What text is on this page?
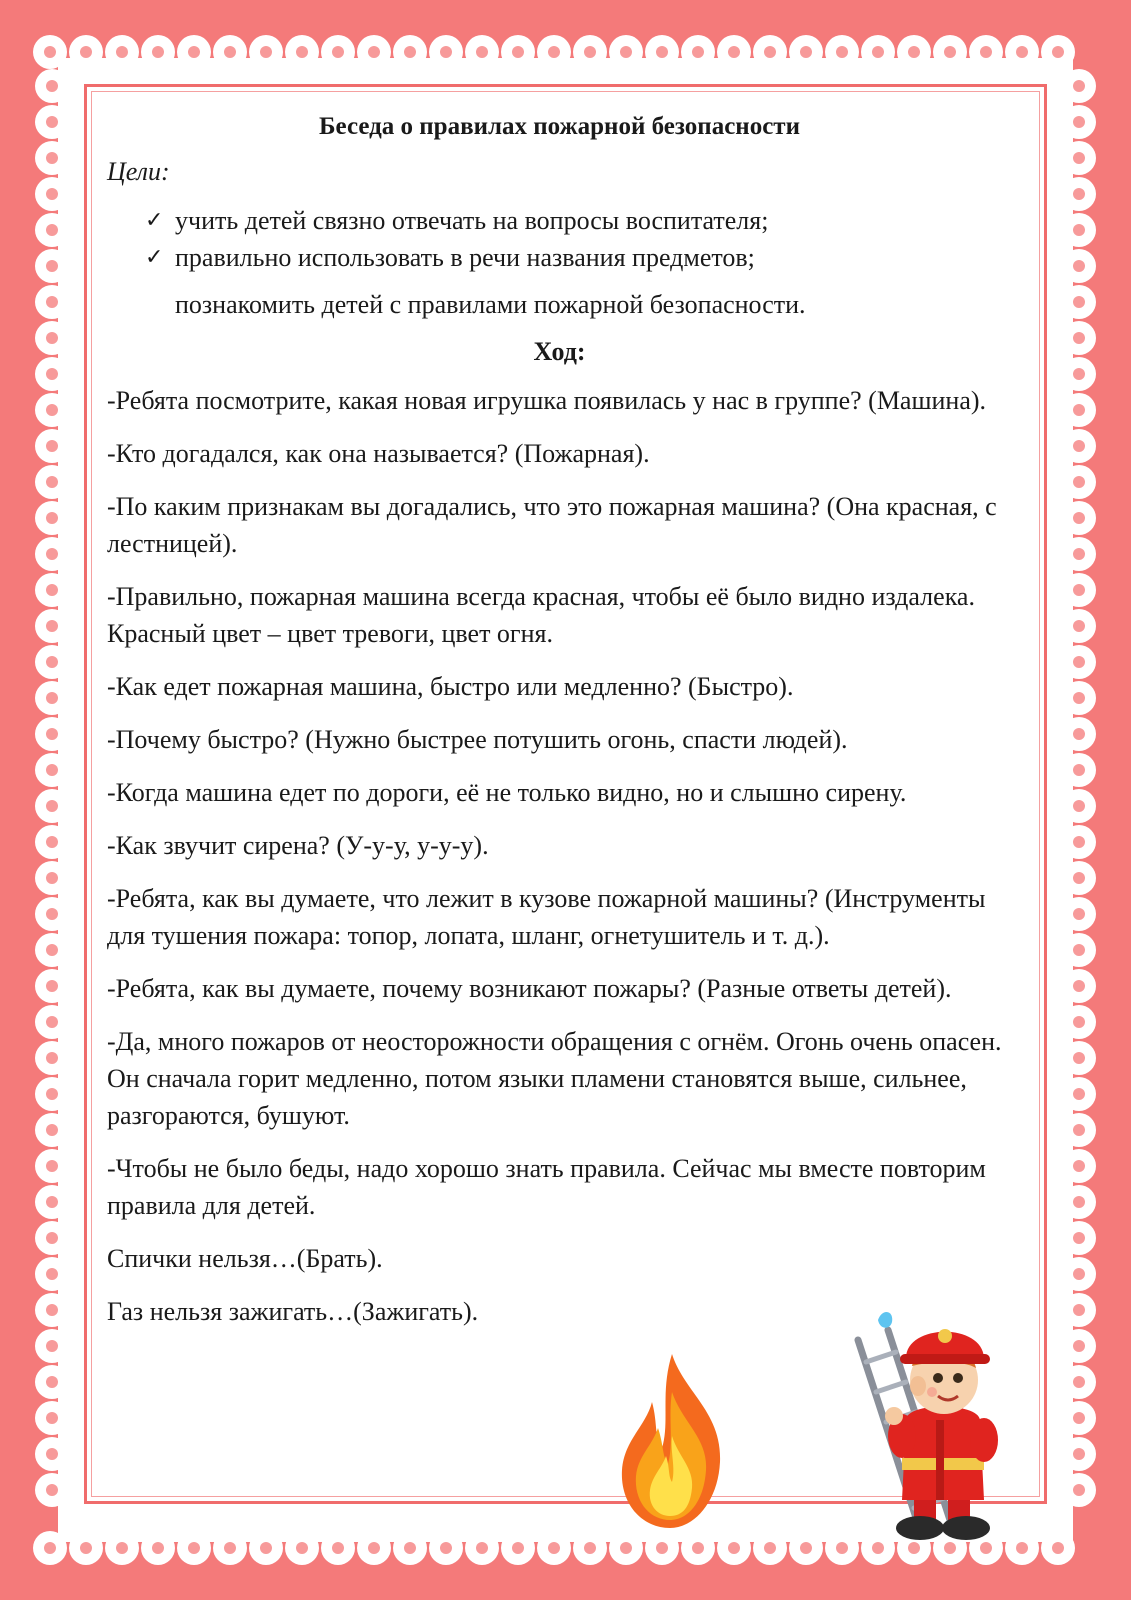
Беседа о правилах пожарной безопасности
Цели:
✓ учить детей связно отвечать на вопросы воспитателя;
✓ правильно использовать в речи названия предметов;
познакомить детей с правилами пожарной безопасности.
Ход:

-Ребята посмотрите, какая новая игрушка появилась у нас в группе? (Машина).

-Кто догадался, как она называется? (Пожарная).

-По каким признакам вы догадались, что это пожарная машина? (Она красная, с лестницей).

-Правильно, пожарная машина всегда красная, чтобы её было видно издалека. Красный цвет – цвет тревоги, цвет огня.

-Как едет пожарная машина, быстро или медленно? (Быстро).

-Почему быстро? (Нужно быстрее потушить огонь, спасти людей).

-Когда машина едет по дороги, её не только видно, но и слышно сирену.

-Как звучит сирена? (У-у-у, у-у-у).

-Ребята, как вы думаете, что лежит в кузове пожарной машины? (Инструменты для тушения пожара: топор, лопата, шланг, огнетушитель и т. д.).

-Ребята, как вы думаете, почему возникают пожары? (Разные ответы детей).

-Да, много пожаров от неосторожности обращения с огнём. Огонь очень опасен. Он сначала горит медленно, потом языки пламени становятся выше, сильнее, разгораются, бушуют.

-Чтобы не было беды, надо хорошо знать правила. Сейчас мы вместе повторим правила для детей.

Спички нельзя…(Брать).

Газ нельзя зажигать…(Зажигать).
